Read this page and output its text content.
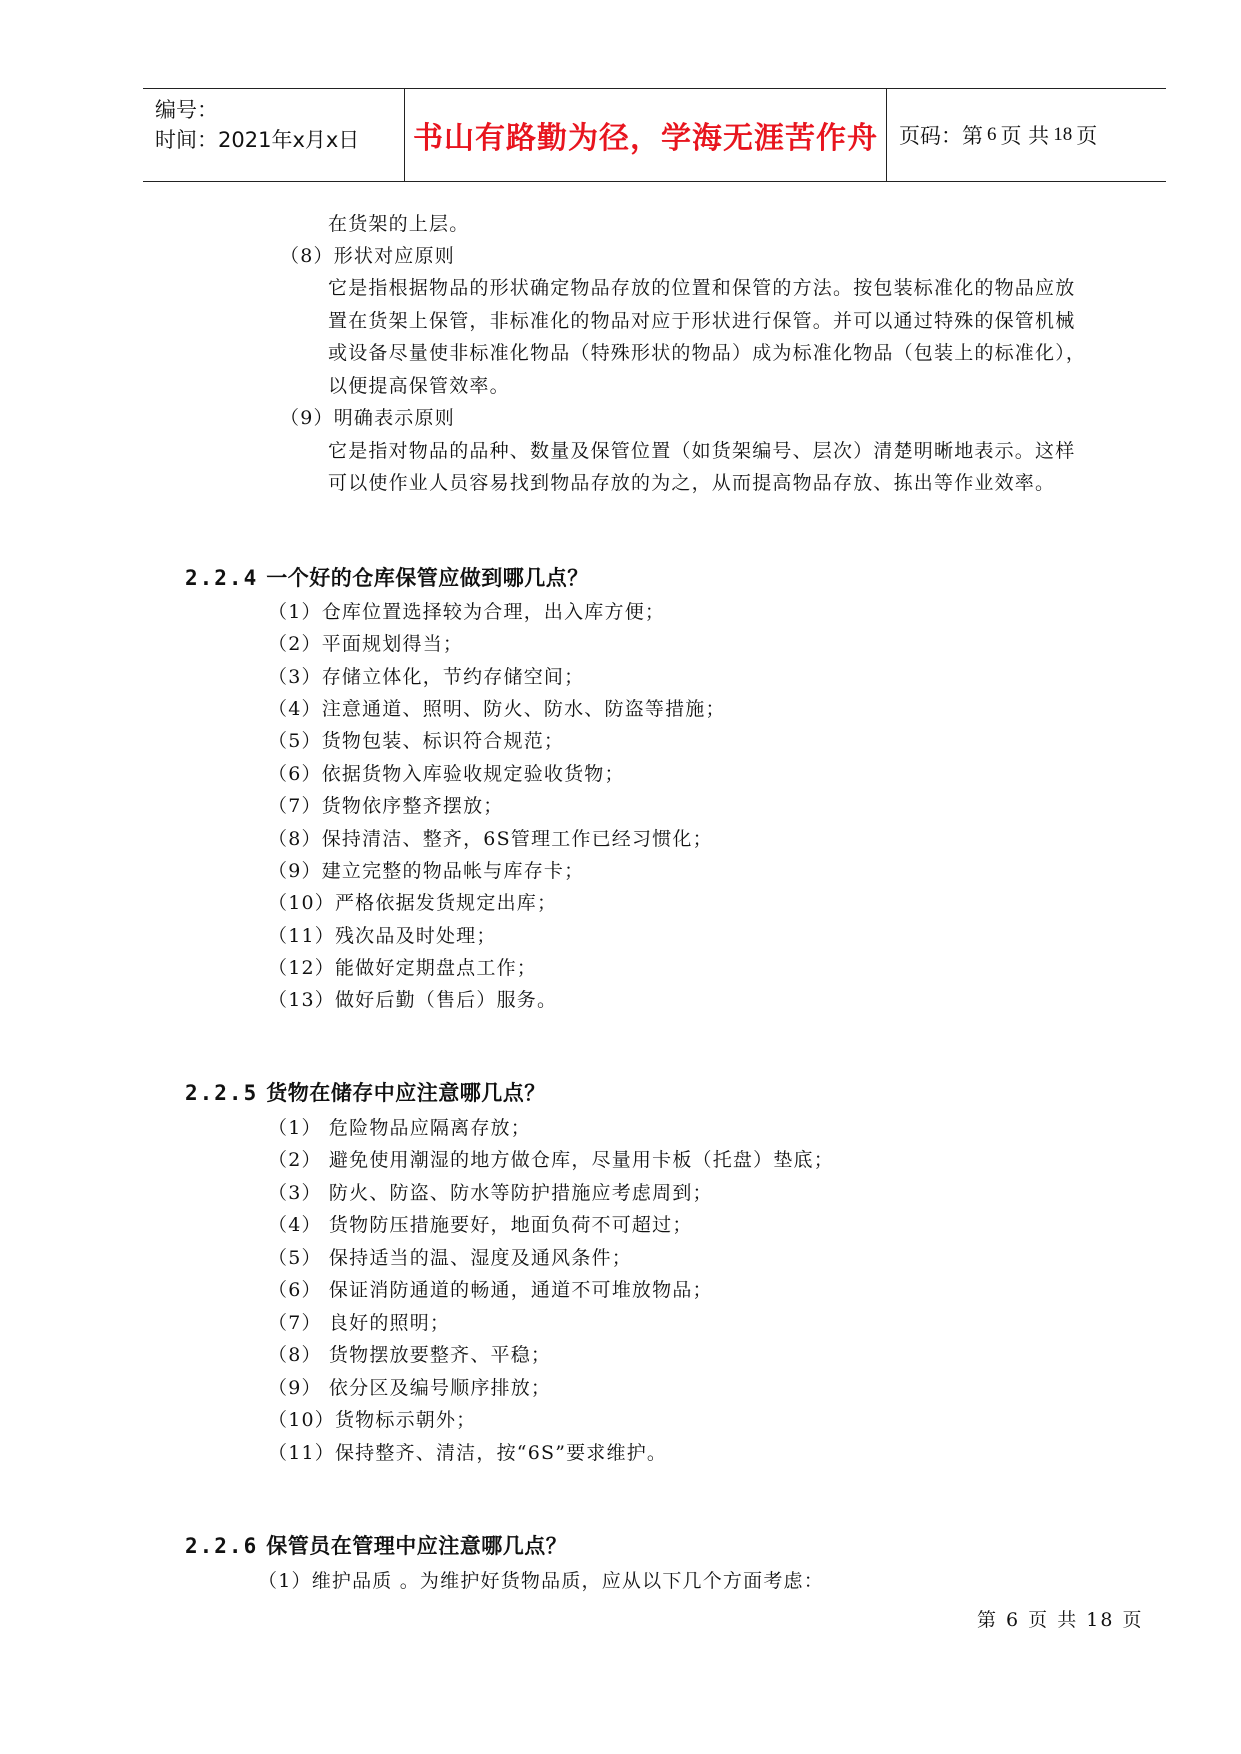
编号：
时间：2021年x月x日	书山有路勤为径，学海无涯苦作舟	页码：第 6 页 共 18 页
在货架的上层。
（8）形状对应原则
它是指根据物品的形状确定物品存放的位置和保管的方法。按包装标准化的物品应放
置在货架上保管，非标准化的物品对应于形状进行保管。并可以通过特殊的保管机械
或设备尽量使非标准化物品（特殊形状的物品）成为标准化物品（包装上的标准化），
以便提高保管效率。
（9）明确表示原则
它是指对物品的品种、数量及保管位置（如货架编号、层次）清楚明晰地表示。这样
可以使作业人员容易找到物品存放的为之，从而提高物品存放、拣出等作业效率。
2.2.4 一个好的仓库保管应做到哪几点？
（1）仓库位置选择较为合理，出入库方便；
（2）平面规划得当；
（3）存储立体化，节约存储空间；
（4）注意通道、照明、防火、防水、防盗等措施；
（5）货物包装、标识符合规范；
（6）依据货物入库验收规定验收货物；
（7）货物依序整齐摆放；
（8）保持清洁、整齐，6S管理工作已经习惯化；
（9）建立完整的物品帐与库存卡；
（10）严格依据发货规定出库；
（11）残次品及时处理；
（12）能做好定期盘点工作；
（13）做好后勤（售后）服务。
2.2.5 货物在储存中应注意哪几点？
（1） 危险物品应隔离存放；
（2） 避免使用潮湿的地方做仓库，尽量用卡板（托盘）垫底；
（3） 防火、防盗、防水等防护措施应考虑周到；
（4） 货物防压措施要好，地面负荷不可超过；
（5） 保持适当的温、湿度及通风条件；
（6） 保证消防通道的畅通，通道不可堆放物品；
（7） 良好的照明；
（8） 货物摆放要整齐、平稳；
（9） 依分区及编号顺序排放；
（10）货物标示朝外；
（11）保持整齐、清洁，按“6S”要求维护。
2.2.6 保管员在管理中应注意哪几点？
（1）维护品质 。为维护好货物品质，应从以下几个方面考虑：
第 6 页 共 18 页
